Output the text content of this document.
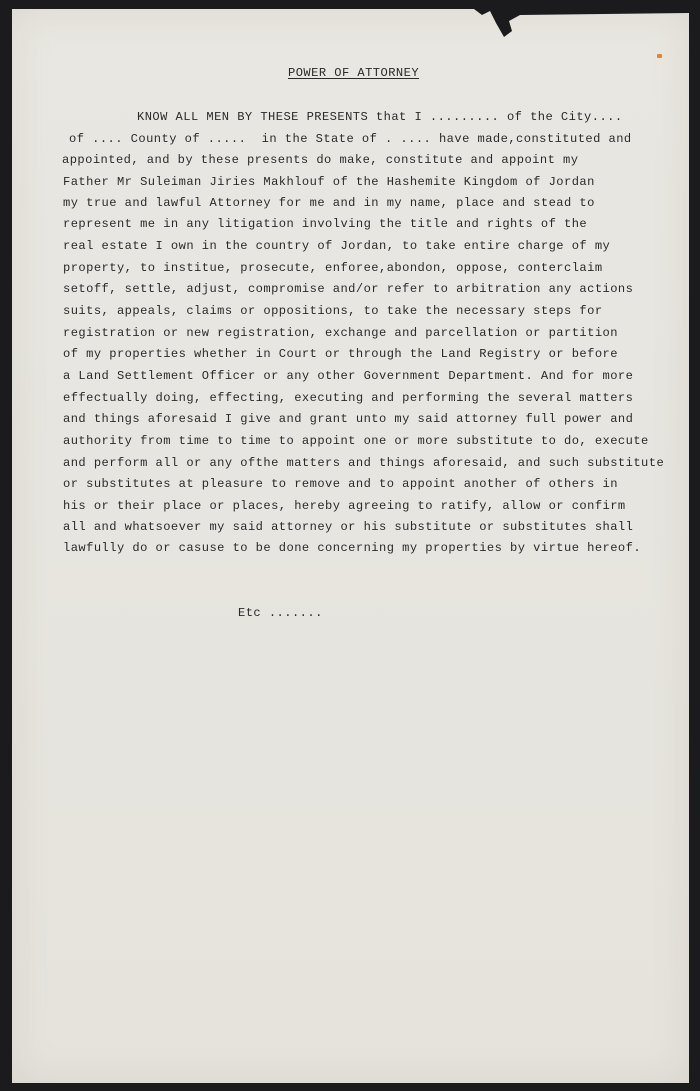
POWER OF ATTORNEY
KNOW ALL MEN BY THESE PRESENTS that I ......... of the City....
of .... County of .....  in the State of . .... have made,constituted and
appointed, and by these presents do make, constitute and appoint my
Father Mr Suleiman Jiries Makhlouf of the Hashemite Kingdom of Jordan
my true and lawful Attorney for me and in my name, place and stead to
represent me in any litigation involving the title and rights of the
real estate I own in the country of Jordan, to take entire charge of my
property, to institue, prosecute, enforee,abondon, oppose, conterclaim
setoff, settle, adjust, compromise and/or refer to arbitration any actions
suits, appeals, claims or oppositions, to take the necessary steps for
registration or new registration, exchange and parcellation or partition
of my properties whether in Court or through the Land Registry or before
a Land Settlement Officer or any other Government Department. And for more
effectually doing, effecting, executing and performing the several matters
and things aforesaid I give and grant unto my said attorney full power and
authority from time to time to appoint one or more substitute to do, execute
and perform all or any ofthe matters and things aforesaid, and such substitute
or substitutes at pleasure to remove and to appoint another of others in
his or their place or places, hereby agreeing to ratify, allow or confirm
all and whatsoever my said attorney or his substitute or substitutes shall
lawfully do or casuse to be done concerning my properties by virtue hereof.
Etc .......
